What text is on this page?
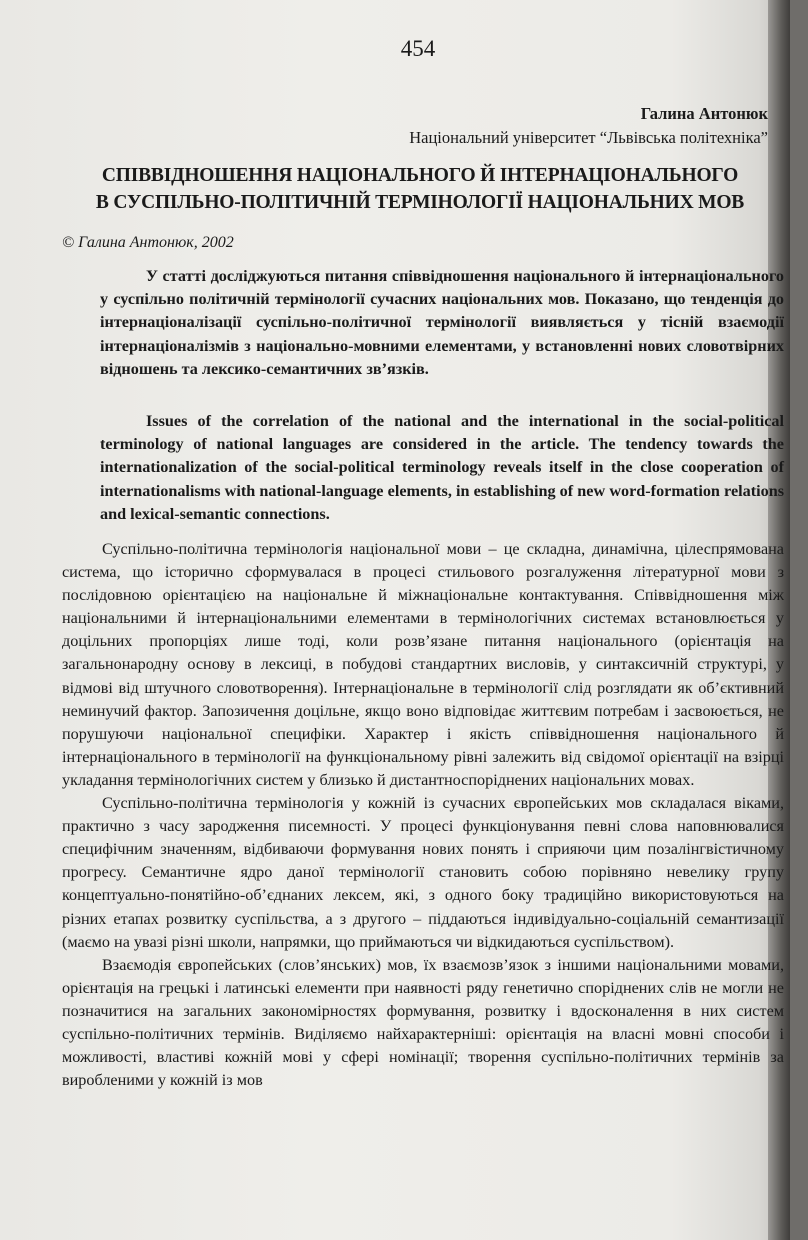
454
Галина Антонюк
Національний університет “Львівська політехніка”
СПІВВІДНОШЕННЯ НАЦІОНАЛЬНОГО Й ІНТЕРНАЦІОНАЛЬНОГО
В СУСПІЛЬНО-ПОЛІТИЧНІЙ ТЕРМІНОЛОГІЇ НАЦІОНАЛЬНИХ МОВ
© Галина Антонюк, 2002

У статті досліджуються питання співвідношення національного й інтернаціонального у суспільно політичній термінології сучасних національних мов. Показано, що тенденція до інтернаціоналізації суспільно-політичної термінології виявляється у тісній взаємодії інтернаціоналізмів з національно-мовними елементами, у встановленні нових словотвірних відношень та лексико-семантичних зв’язків.

Issues of the correlation of the national and the international in the social-political terminology of national languages are considered in the article. The tendency towards the internationalization of the social-political terminology reveals itself in the close cooperation of internationalisms with national-language elements, in establishing of new word-formation relations and lexical-semantic connections.

Суспільно-політична термінологія національної мови – це складна, динамічна, цілеспрямована система, що історично сформувалася в процесі стильового розгалуження літературної мови з послідовною орієнтацією на національне й міжнаціональне контактування. Співвідношення між національними й інтернаціональними елементами в термінологічних системах встановлюється у доцільних пропорціях лише тоді, коли розв’язане питання національного (орієнтація на загальнонародну основу в лексиці, в побудові стандартних висловів, у синтаксичній структурі, у відмові від штучного словотворення). Інтернаціональне в термінології слід розглядати як об’єктивний неминучий фактор. Запозичення доцільне, якщо воно відповідає життєвим потребам і засвоюється, не порушуючи національної специфіки. Характер і якість співвідношення національного й інтернаціонального в термінології на функціональному рівні залежить від свідомої орієнтації на взірці укладання термінологічних систем у близько й дистантноспоріднених національних мовах.

Суспільно-політична термінологія у кожній із сучасних європейських мов складалася віками, практично з часу зародження писемності. У процесі функціонування певні слова наповнювалися специфічним значенням, відбиваючи формування нових понять і сприяючи цим позалінгвістичному прогресу. Семантичне ядро даної термінології становить собою порівняно невелику групу концептуально-понятійно-об’єднаних лексем, які, з одного боку традиційно використовуються на різних етапах розвитку суспільства, а з другого – піддаються індивідуально-соціальній семантизації (маємо на увазі різні школи, напрямки, що приймаються чи відкидаються суспільством).

Взаємодія європейських (слов’янських) мов, їх взаємозв’язок з іншими національними мовами, орієнтація на грецькі і латинські елементи при наявності ряду генетично споріднених слів не могли не позначитися на загальних закономірностях формування, розвитку і вдосконалення в них систем суспільно-політичних термінів. Виділяємо найхарактерніші: орієнтація на власні мовні способи і можливості, властиві кожній мові у сфері номінації; творення суспільно-політичних термінів за виробленими у кожній із мов
